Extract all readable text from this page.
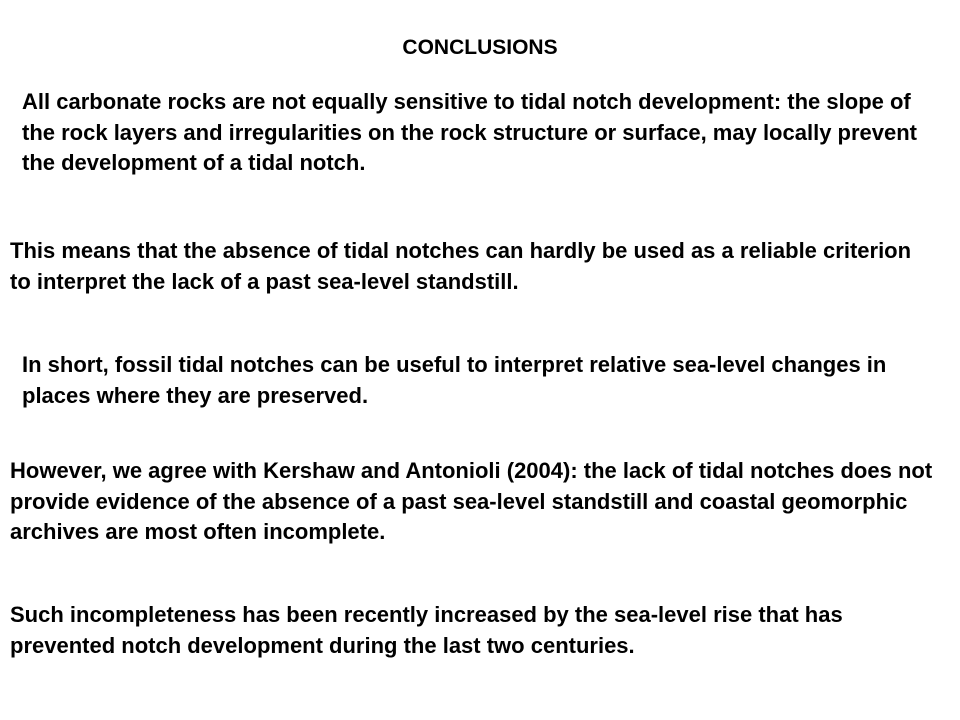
CONCLUSIONS

All carbonate rocks are not equally sensitive to tidal notch development: the slope of the rock layers and irregularities on the rock structure or surface, may locally prevent the development of a tidal notch.

This means that the absence of tidal notches can hardly be used as a reliable criterion to interpret the lack of a past sea-level standstill.

In short, fossil tidal notches can be useful to interpret relative sea-level changes in places where they are preserved.

However, we agree with Kershaw and Antonioli (2004): the lack of tidal notches does not provide evidence of the absence of a past sea-level standstill and coastal geomorphic archives are most often incomplete.

Such incompleteness has been recently increased by the sea-level rise that has prevented notch development during the last two centuries.
